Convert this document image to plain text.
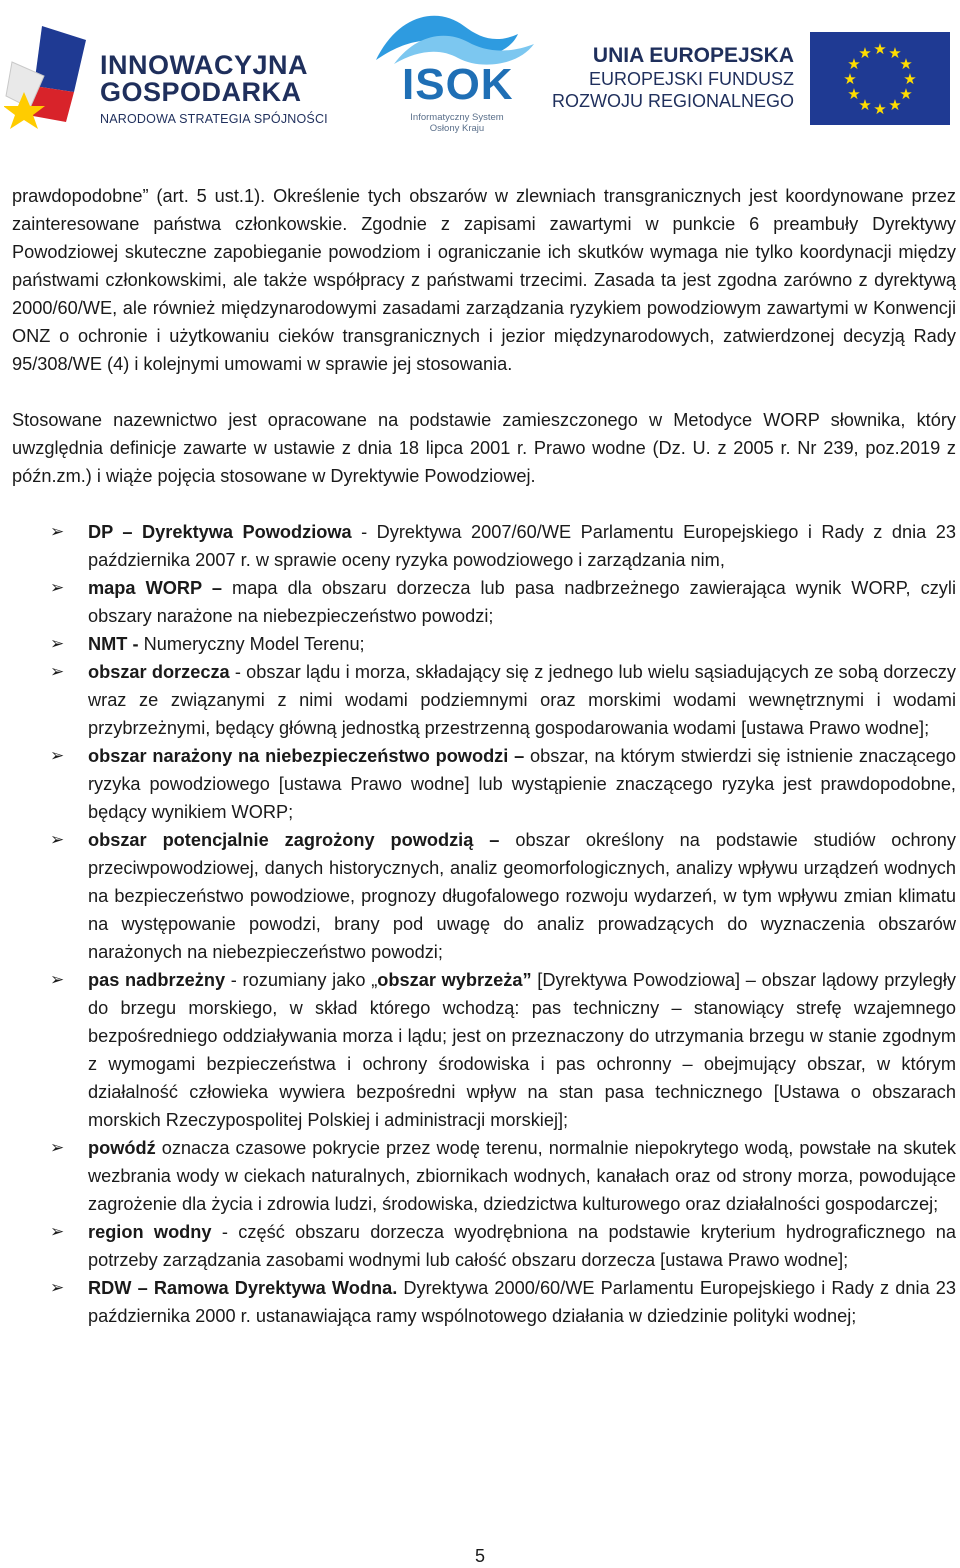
INNOWACYJNA
GOSPODARKA
NARODOWA STRATEGIA SPÓJNOŚCI
ISOK
Informatyczny System
Osłony Kraju
UNIA EUROPEJSKA
EUROPEJSKI FUNDUSZ
ROZWOJU REGIONALNEGO
★ ★
★
★
★
★
★
★
★
★
★
★

prawdopodobne” (art. 5 ust.1). Określenie tych obszarów w zlewniach transgranicznych jest koordynowane przez zainteresowane państwa członkowskie. Zgodnie z zapisami zawartymi w punkcie 6 preambuły Dyrektywy Powodziowej skuteczne zapobieganie powodziom i ograniczanie ich skutków wymaga nie tylko koordynacji między państwami członkowskimi, ale także współpracy z państwami trzecimi. Zasada ta jest zgodna zarówno z dyrektywą 2000/60/WE, ale również międzynarodowymi zasadami zarządzania ryzykiem powodziowym zawartymi w Konwencji ONZ o ochronie i użytkowaniu cieków transgranicznych i jezior międzynarodowych, zatwierdzonej decyzją Rady 95/308/WE (4) i kolejnymi umowami w sprawie jej stosowania.

Stosowane nazewnictwo jest opracowane na podstawie zamieszczonego w Metodyce WORP słownika, który uwzględnia definicje zawarte w ustawie z dnia 18 lipca 2001 r. Prawo wodne (Dz. U. z 2005 r. Nr 239, poz.2019 z późn.zm.) i wiąże pojęcia stosowane w Dyrektywie Powodziowej.

➢ DP – Dyrektywa Powodziowa - Dyrektywa 2007/60/WE Parlamentu Europejskiego i Rady z dnia 23 października 2007 r. w sprawie oceny ryzyka powodziowego i zarządzania nim,
➢ mapa WORP – mapa dla obszaru dorzecza lub pasa nadbrzeżnego zawierająca wynik WORP, czyli obszary narażone na niebezpieczeństwo powodzi;
➢ NMT - Numeryczny Model Terenu;
➢ obszar dorzecza - obszar lądu i morza, składający się z jednego lub wielu sąsiadujących ze sobą dorzeczy wraz ze związanymi z nimi wodami podziemnymi oraz morskimi wodami wewnętrznymi i wodami przybrzeżnymi, będący główną jednostką przestrzenną gospodarowania wodami [ustawa Prawo wodne];
➢ obszar narażony na niebezpieczeństwo powodzi – obszar, na którym stwierdzi się istnienie znaczącego ryzyka powodziowego [ustawa Prawo wodne] lub wystąpienie znaczącego ryzyka jest prawdopodobne, będący wynikiem WORP;
➢ obszar potencjalnie zagrożony powodzią – obszar określony na podstawie studiów ochrony przeciwpowodziowej, danych historycznych, analiz geomorfologicznych, analizy wpływu urządzeń wodnych na bezpieczeństwo powodziowe, prognozy długofalowego rozwoju wydarzeń, w tym wpływu zmian klimatu na występowanie powodzi, brany pod uwagę do analiz prowadzących do wyznaczenia obszarów narażonych na niebezpieczeństwo powodzi;
➢ pas nadbrzeżny - rozumiany jako „obszar wybrzeża” [Dyrektywa Powodziowa] – obszar lądowy przyległy do brzegu morskiego, w skład którego wchodzą: pas techniczny – stanowiący strefę wzajemnego bezpośredniego oddziaływania morza i lądu; jest on przeznaczony do utrzymania brzegu w stanie zgodnym z wymogami bezpieczeństwa i ochrony środowiska i pas ochronny – obejmujący obszar, w którym działalność człowieka wywiera bezpośredni wpływ na stan pasa technicznego [Ustawa o obszarach morskich Rzeczypospolitej Polskiej i administracji morskiej];
➢ powódź oznacza czasowe pokrycie przez wodę terenu, normalnie niepokrytego wodą, powstałe na skutek wezbrania wody w ciekach naturalnych, zbiornikach wodnych, kanałach oraz od strony morza, powodujące zagrożenie dla życia i zdrowia ludzi, środowiska, dziedzictwa kulturowego oraz działalności gospodarczej;
➢ region wodny - część obszaru dorzecza wyodrębniona na podstawie kryterium hydrograficznego na potrzeby zarządzania zasobami wodnymi lub całość obszaru dorzecza [ustawa Prawo wodne];
➢ RDW – Ramowa Dyrektywa Wodna. Dyrektywa 2000/60/WE Parlamentu Europejskiego i Rady z dnia 23 października 2000 r. ustanawiająca ramy wspólnotowego działania w dziedzinie polityki wodnej;
5
